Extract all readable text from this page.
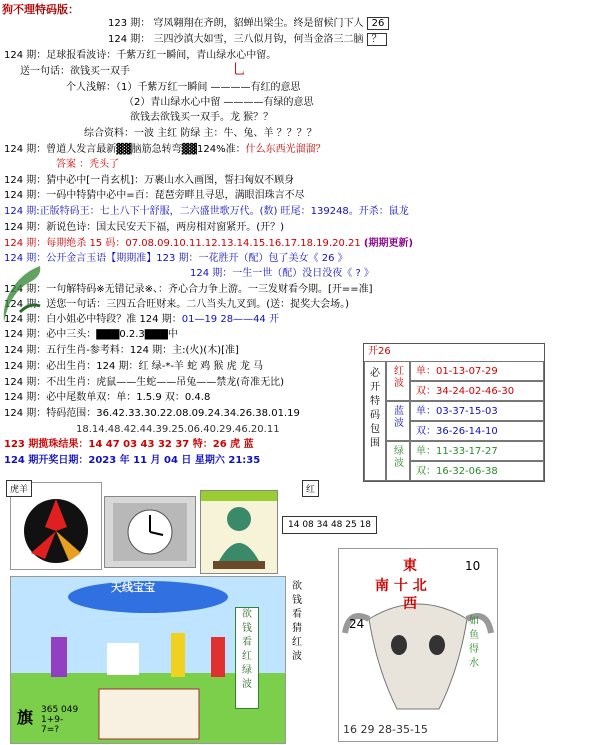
狗不理特码版：
123 期： 穹凤翱翔在齐朗，貂蝉出梁尘。终是留候门下人 26
124 期： 三四沙滇大如雪，三八似月钩，何当金洛三二脑 ？
124 期：足球报看波诗：千紫万红一瞬间，青山绿水心中留。
送一句话：欲钱买一双手	乚
个人浅解：（1）千紫万红一瞬间 ————有红的意思
（2）青山绿水心中留 ————有绿的意思
欲钱去欲钱买一双手。龙 猴？？
综合资料：一波 主红 防绿 主：牛、兔、羊 ？？？？
124 期：曾道人发言最新▓▓脑筋急转弯▓▓124%准：什么东西光溜溜？
答案 ：秃头了
124 期：猜中必中[一肖玄机]：万裹山水入画图，誓扫匈奴不顾身
124 期：一码中特猜中必中=百：琵琶旁畔且寻思，满眼泪珠言不尽
124 期:正版特码王：七上八下十舒服，二六盛世歌万代。(数) 旺尾：139248。开杀：鼠龙
124 期：新说色诗：国太民安天下福，两房相对窗紧开。(开？)
124 期：每期绝杀 15 码：07.08.09.10.11.12.13.14.15.16.17.18.19.20.21 (期期更新)
124 期：公开金言玉语【期期准】123 期：一花胜开（配）包了美女《 26 》
124 期：一生一世（配）没日没夜《 ? 》
124 期：一句解特码※无错记录※、：齐心合力争上游。一三发财看今期。[开==准]
124 期：送您一句话：三四五合旺财来。二八当头九叉到。(送：捉奖大会场。)
124 期：白小姐必中特段？准 124 期：01—19 28——44 开
124 期：必中三头：▇▇▇0.2.3▇▇▇中
124 期：五行生肖-参考料：124 期：主:(火)(木)[准]
124 期：必出生肖：124 期：红 绿-*-羊 蛇 鸡 猴 虎 龙 马
124 期：不出生肖：虎鼠——生蛇——吊兔——禁龙(奇准无比)
124 期：必中尾数单双：单：1.5.9 双：0.4.8
124 期：特码范围：36.42.33.30.22.08.09.24.34.26.38.01.19
18.14.48.42.44.39.25.06.40.29.46.20.11
123 期揽珠结果：14 47 03 43 32 37 特：26 虎 蓝
124 期开奖日期：2023 年 11 月 04 日 星期六 21:35
开26
必
开
特
码
包
围
红波
单：01-13-07-29
双：34-24-02-46-30
蓝波
单：03-37-15-03
双：36-26-14-10
绿波
单：11-33-17-27
双：16-32-06-38
虎羊	红
14 08 34 48 25 18
天线宝宝
旗 365 049 1+9-7=?
欲
钱
看
红
绿
波
欲
钱
看
猜
红
波
東
南 十 北
西
24
10
如鱼得水
16 29 28-35-15
